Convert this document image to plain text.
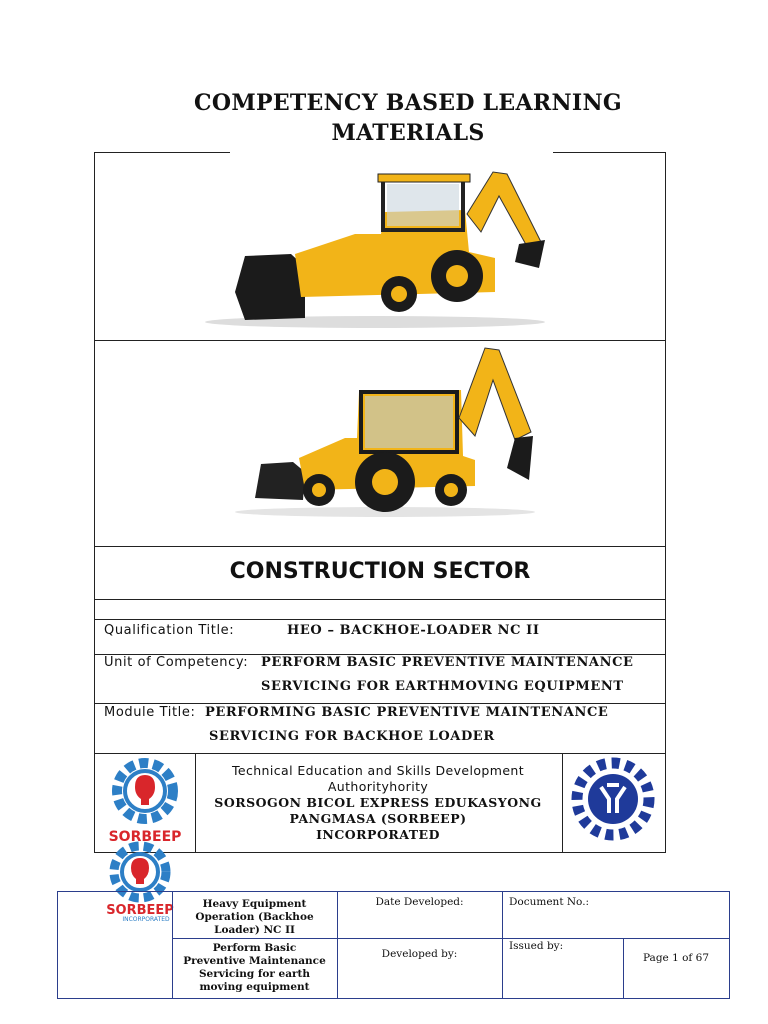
COMPETENCY BASED LEARNING
MATERIALS
CONSTRUCTION SECTOR
Qualification Title:	HEO – BACKHOE-LOADER NC II
Unit of Competency: PERFORM BASIC PREVENTIVE MAINTENANCE
SERVICING FOR EARTHMOVING EQUIPMENT
Module Title: PERFORMING BASIC PREVENTIVE MAINTENANCE
SERVICING FOR BACKHOE LOADER
SORBEEP
Technical Education and Skills Development
Authorityhority
SORSOGON BICOL EXPRESS EDUKASYONG
PANGMASA (SORBEEP)
INCORPORATED
SORBEEP
INCORPORATED
Heavy Equipment
Operation (Backhoe
Loader) NC II
Perform Basic
Preventive Maintenance
Servicing for earth
moving equipment
Date Developed:	Document No.:
Developed by:
Issued by:
Page 1 of 67
